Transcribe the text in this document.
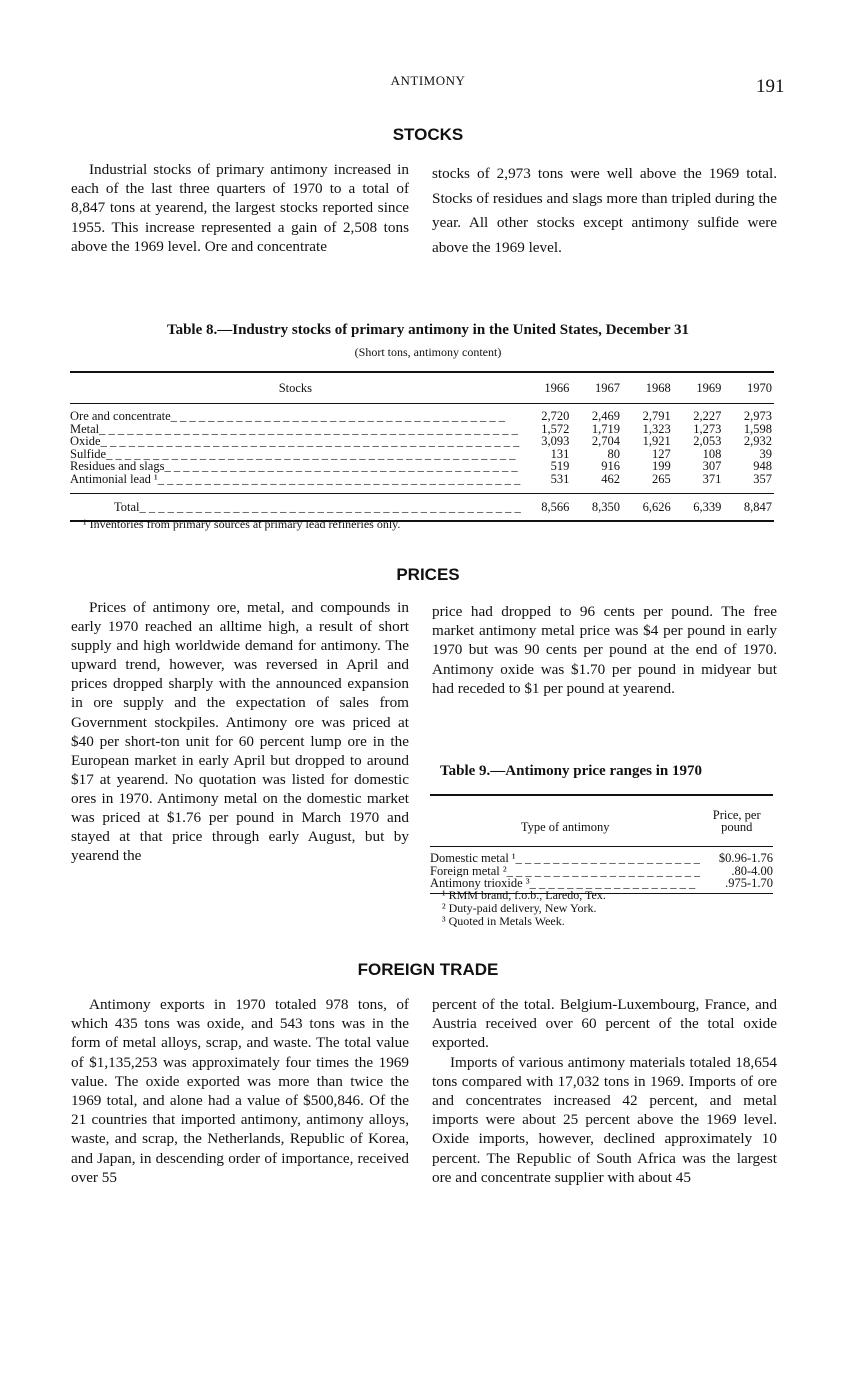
ANTIMONY	191
STOCKS

Industrial stocks of primary antimony increased in each of the last three quarters of 1970 to a total of 8,847 tons at yearend, the largest stocks reported since 1955. This increase represented a gain of 2,508 tons above the 1969 level. Ore and concentrate

stocks of 2,973 tons were well above the 1969 total. Stocks of residues and slags more than tripled during the year. All other stocks except antimony sulfide were above the 1969 level.

Table 8.—Industry stocks of primary antimony in the United States, December 31
(Short tons, antimony content)
Stocks	1966	1967	1968	1969	1970
Ore and concentrate_ _ _ _ _ _ _ _ _ _ _ _ _ _ _ _ _ _ _ _ _ _ _ _ _ _ _ _ _ _ _ _ _ _ _ _	2,720	2,469	2,791	2,227	2,973
Metal_ _ _ _ _ _ _ _ _ _ _ _ _ _ _ _ _ _ _ _ _ _ _ _ _ _ _ _ _ _ _ _ _ _ _ _ _ _ _ _ _ _ _ _ _	1,572	1,719	1,323	1,273	1,598
Oxide_ _ _ _ _ _ _ _ _ _ _ _ _ _ _ _ _ _ _ _ _ _ _ _ _ _ _ _ _ _ _ _ _ _ _ _ _ _ _ _ _ _ _ _ _	3,093	2,704	1,921	2,053	2,932
Sulfide_ _ _ _ _ _ _ _ _ _ _ _ _ _ _ _ _ _ _ _ _ _ _ _ _ _ _ _ _ _ _ _ _ _ _ _ _ _ _ _ _ _ _ _	131	80	127	108	39
Residues and slags_ _ _ _ _ _ _ _ _ _ _ _ _ _ _ _ _ _ _ _ _ _ _ _ _ _ _ _ _ _ _ _ _ _ _ _ _ _	519	916	199	307	948
Antimonial lead ¹_ _ _ _ _ _ _ _ _ _ _ _ _ _ _ _ _ _ _ _ _ _ _ _ _ _ _ _ _ _ _ _ _ _ _ _ _ _ _	531	462	265	371	357
Total_ _ _ _ _ _ _ _ _ _ _ _ _ _ _ _ _ _ _ _ _ _ _ _ _ _ _ _ _ _ _ _ _ _ _ _ _ _ _ _ _	8,566	8,350	6,626	6,339	8,847
¹ Inventories from primary sources at primary lead refineries only.
PRICES

Prices of antimony ore, metal, and compounds in early 1970 reached an alltime high, a result of short supply and high worldwide demand for antimony. The upward trend, however, was reversed in April and prices dropped sharply with the announced expansion in ore supply and the expectation of sales from Government stockpiles. Antimony ore was priced at $40 per short-ton unit for 60 percent lump ore in the European market in early April but dropped to around $17 at yearend. No quotation was listed for domestic ores in 1970. Antimony metal on the domestic market was priced at $1.76 per pound in March 1970 and stayed at that price through early August, but by yearend the

price had dropped to 96 cents per pound. The free market antimony metal price was $4 per pound in early 1970 but was 90 cents per pound at the end of 1970. Antimony oxide was $1.70 per pound in midyear but had receded to $1 per pound at yearend.

Table 9.—Antimony price ranges in 1970
Type of antimony	Price, per
pound

Domestic metal ¹_ _ _ _ _ _ _ _ _ _ _ _ _ _ _ _ _ _ _ _	$0.96-1.76
Foreign metal ²_ _ _ _ _ _ _ _ _ _ _ _ _ _ _ _ _ _ _ _ _	.80-4.00
Antimony trioxide ³_ _ _ _ _ _ _ _ _ _ _ _ _ _ _ _ _ _	.975-1.70
¹ RMM brand, f.o.b., Laredo, Tex.
² Duty-paid delivery, New York.
³ Quoted in Metals Week.
FOREIGN TRADE

Antimony exports in 1970 totaled 978 tons, of which 435 tons was oxide, and 543 tons was in the form of metal alloys, scrap, and waste. The total value of $1,135,253 was approximately four times the 1969 value. The oxide exported was more than twice the 1969 total, and alone had a value of $500,846. Of the 21 countries that imported antimony, antimony alloys, waste, and scrap, the Netherlands, Republic of Korea, and Japan, in descending order of importance, received over 55

percent of the total. Belgium-Luxembourg, France, and Austria received over 60 percent of the total oxide exported.

Imports of various antimony materials totaled 18,654 tons compared with 17,032 tons in 1969. Imports of ore and concentrates increased 42 percent, and metal imports were about 25 percent above the 1969 level. Oxide imports, however, declined approximately 10 percent. The Republic of South Africa was the largest ore and concentrate supplier with about 45
